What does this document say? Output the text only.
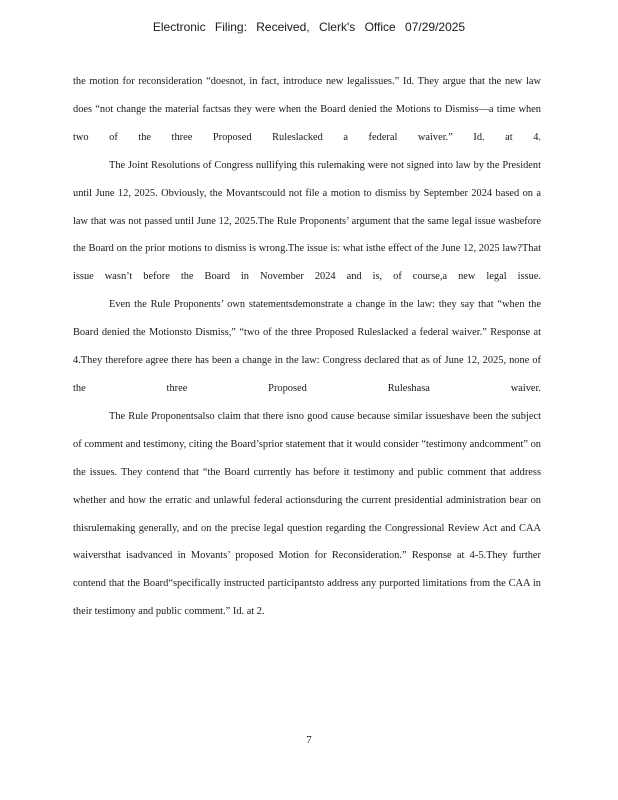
Electronic Filing: Received, Clerk's Office 07/29/2025

the motion for reconsideration “doesnot, in fact, introduce new legalissues.” Id. They argue that the new law does “not change the material factsas they were when the Board denied the Motions to Dismiss—a time when two of the three Proposed Ruleslacked a federal waiver.” Id. at 4.

The Joint Resolutions of Congress nullifying this rulemaking were not signed into law by the President until June 12, 2025. Obviously, the Movantscould not file a motion to dismiss by September 2024 based on a law that was not passed until June 12, 2025.The Rule Proponents’ argument that the same legal issue wasbefore the Board on the prior motions to dismiss is wrong.The issue is: what isthe effect of the June 12, 2025 law?That issue wasn’t before the Board in November 2024 and is, of course,a new legal issue.

Even the Rule Proponents’ own statementsdemonstrate a change in the law: they say that “when the Board denied the Motionsto Dismiss,” “two of the three Proposed Ruleslacked a federal waiver.” Response at 4.They therefore agree there has been a change in the law: Congress declared that as of June 12, 2025, none of the three Proposed Ruleshasa waiver.

The Rule Proponentsalso claim that there isno good cause because similar issueshave been the subject of comment and testimony, citing the Board’sprior statement that it would consider “testimony andcomment” on the issues. They contend that “the Board currently has before it testimony and public comment that address whether and how the erratic and unlawful federal actionsduring the current presidential administration bear on thisrulemaking generally, and on the precise legal question regarding the Congressional Review Act and CAA waiversthat isadvanced in Movants’ proposed Motion for Reconsideration.” Response at 4-5.They further contend that the Board“specifically instructed participantsto address any purported limitations from the CAA in their testimony and public comment.” Id. at 2.

7
